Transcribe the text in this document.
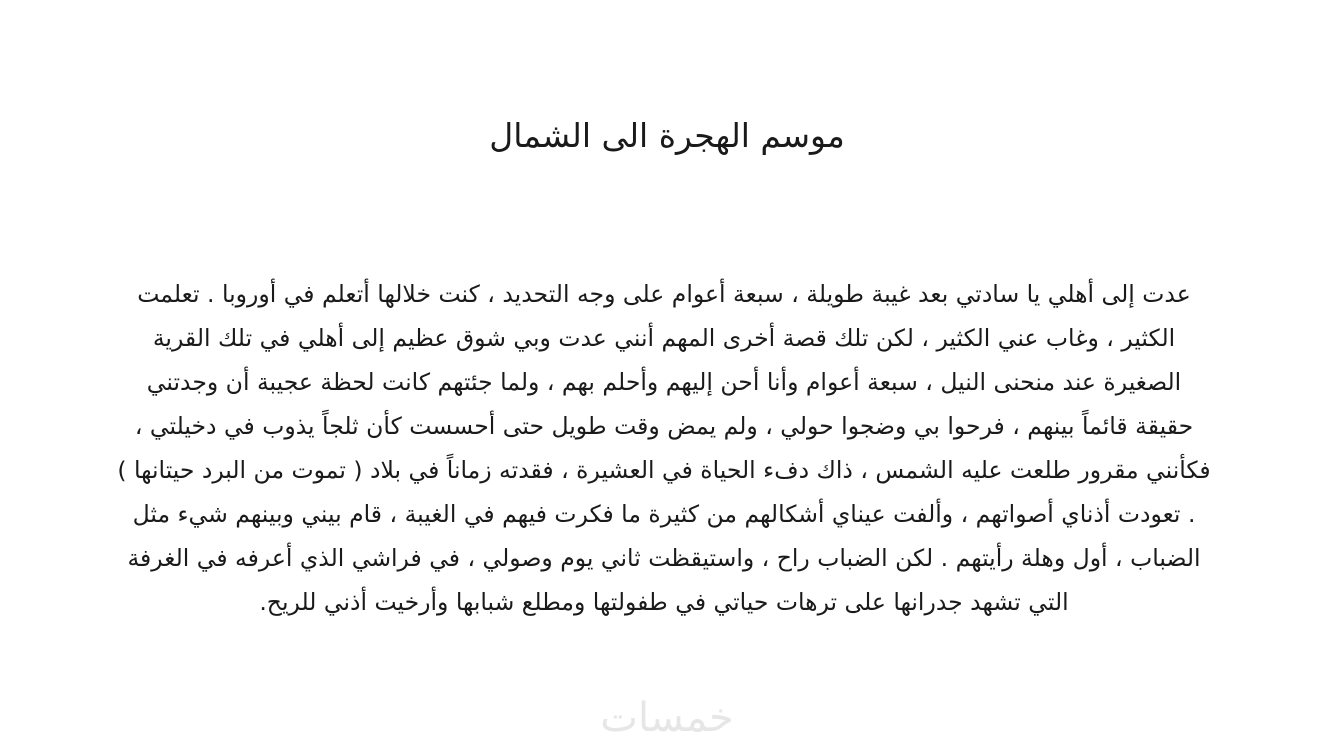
موسم الهجرة الى الشمال
عدت إلى أهلي يا سادتي بعد غيبة طويلة ، سبعة أعوام على وجه التحديد ، كنت خلالها أتعلم في أوروبا . تعلمت
الكثير ، وغاب عني الكثير ، لكن تلك قصة أخرى المهم أنني عدت وبي شوق عظيم إلى أهلي في تلك القرية
الصغيرة عند منحنى النيل ، سبعة أعوام وأنا أحن إليهم وأحلم بهم ، ولما جئتهم كانت لحظة عجيبة أن وجدتني
حقيقة قائماً بينهم ، فرحوا بي وضجوا حولي ، ولم يمض وقت طويل حتى أحسست كأن ثلجاً يذوب في دخيلتي ،
فكأنني مقرور طلعت عليه الشمس ، ذاك دفء الحياة في العشيرة ، فقدته زماناً في بلاد ( تموت من البرد حيتانها )
. تعودت أذناي أصواتهم ، وألفت عيناي أشكالهم من كثيرة ما فكرت فيهم في الغيبة ، قام بيني وبينهم شيء مثل
الضباب ، أول وهلة رأيتهم . لكن الضباب راح ، واستيقظت ثاني يوم وصولي ، في فراشي الذي أعرفه في الغرفة
التي تشهد جدرانها على ترهات حياتي في طفولتها ومطلع شبابها وأرخيت أذني للريح.
خمسات
